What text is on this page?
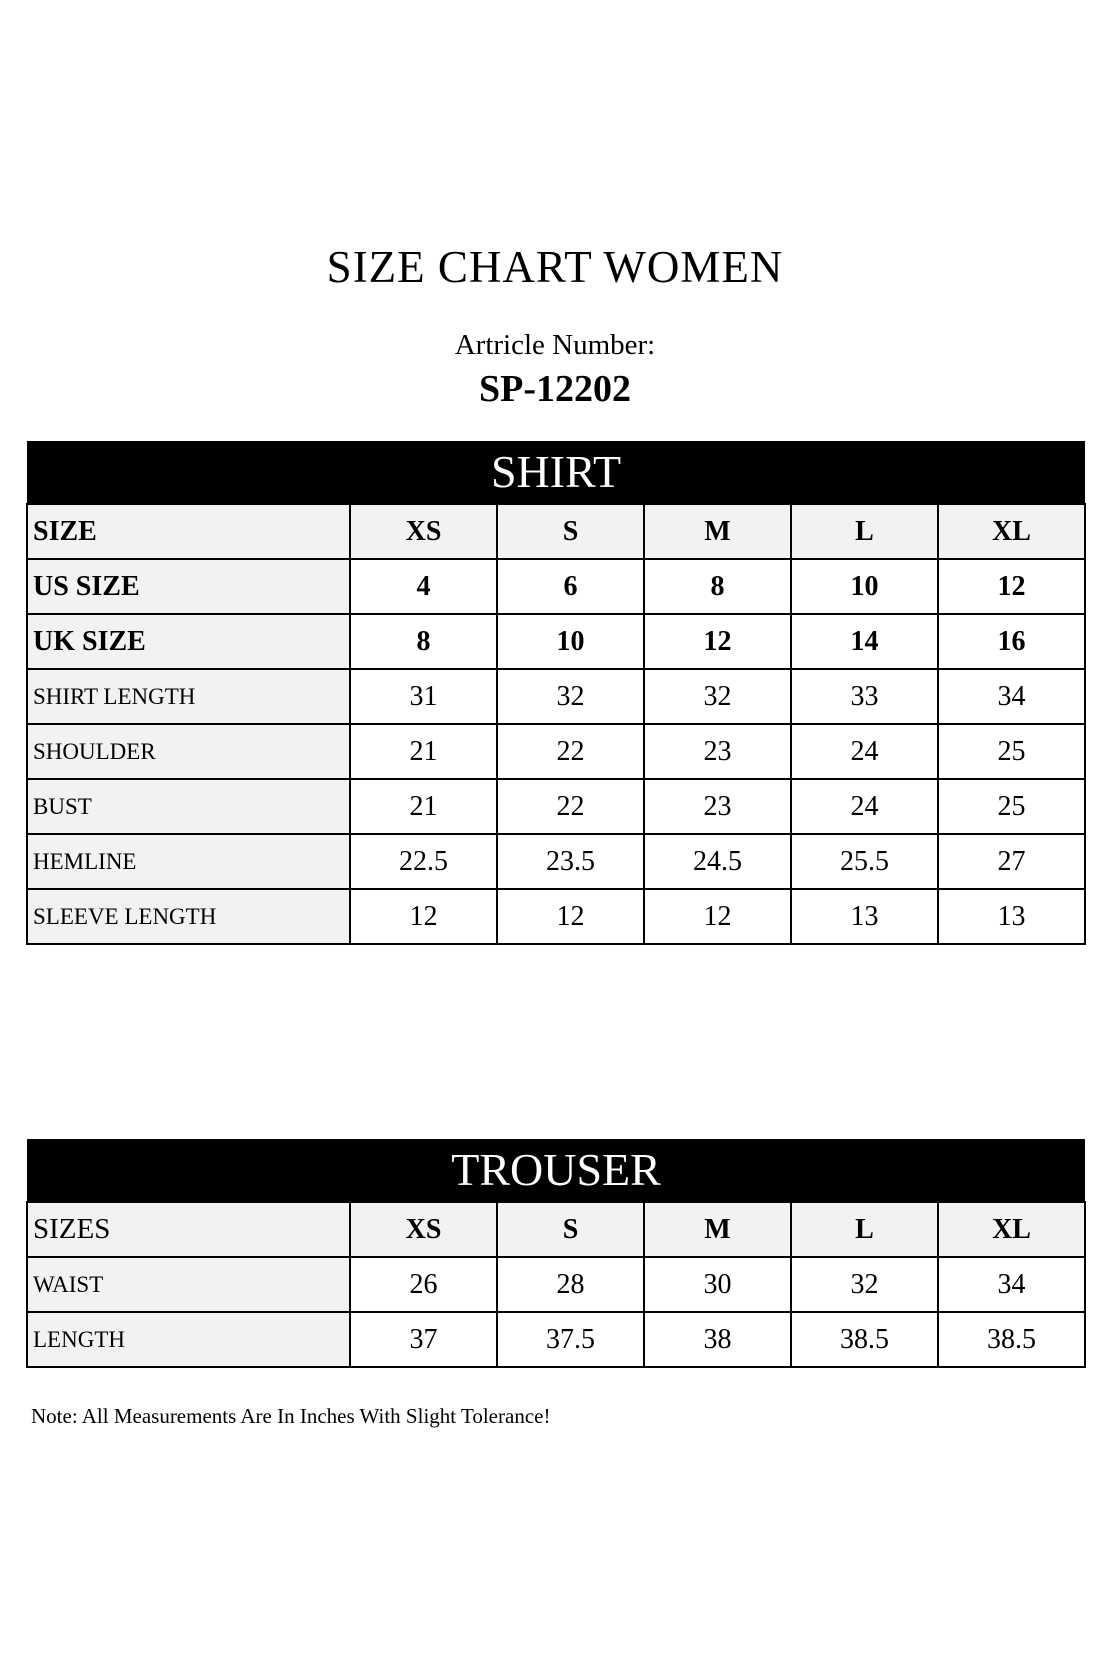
SIZE CHART WOMEN
Artricle Number:
SP-12202
SHIRT					
SIZE	XS	S	M	L	XL
US SIZE	4	6	8	10	12
UK SIZE	8	10	12	14	16
SHIRT LENGTH	31	32	32	33	34
SHOULDER	21	22	23	24	25
BUST	21	22	23	24	25
HEMLINE	22.5	23.5	24.5	25.5	27
SLEEVE LENGTH	12	12	12	13	13
TROUSER					
SIZES	XS	S	M	L	XL
WAIST	26	28	30	32	34
LENGTH	37	37.5	38	38.5	38.5
Note: All Measurements Are In Inches With Slight Tolerance!
